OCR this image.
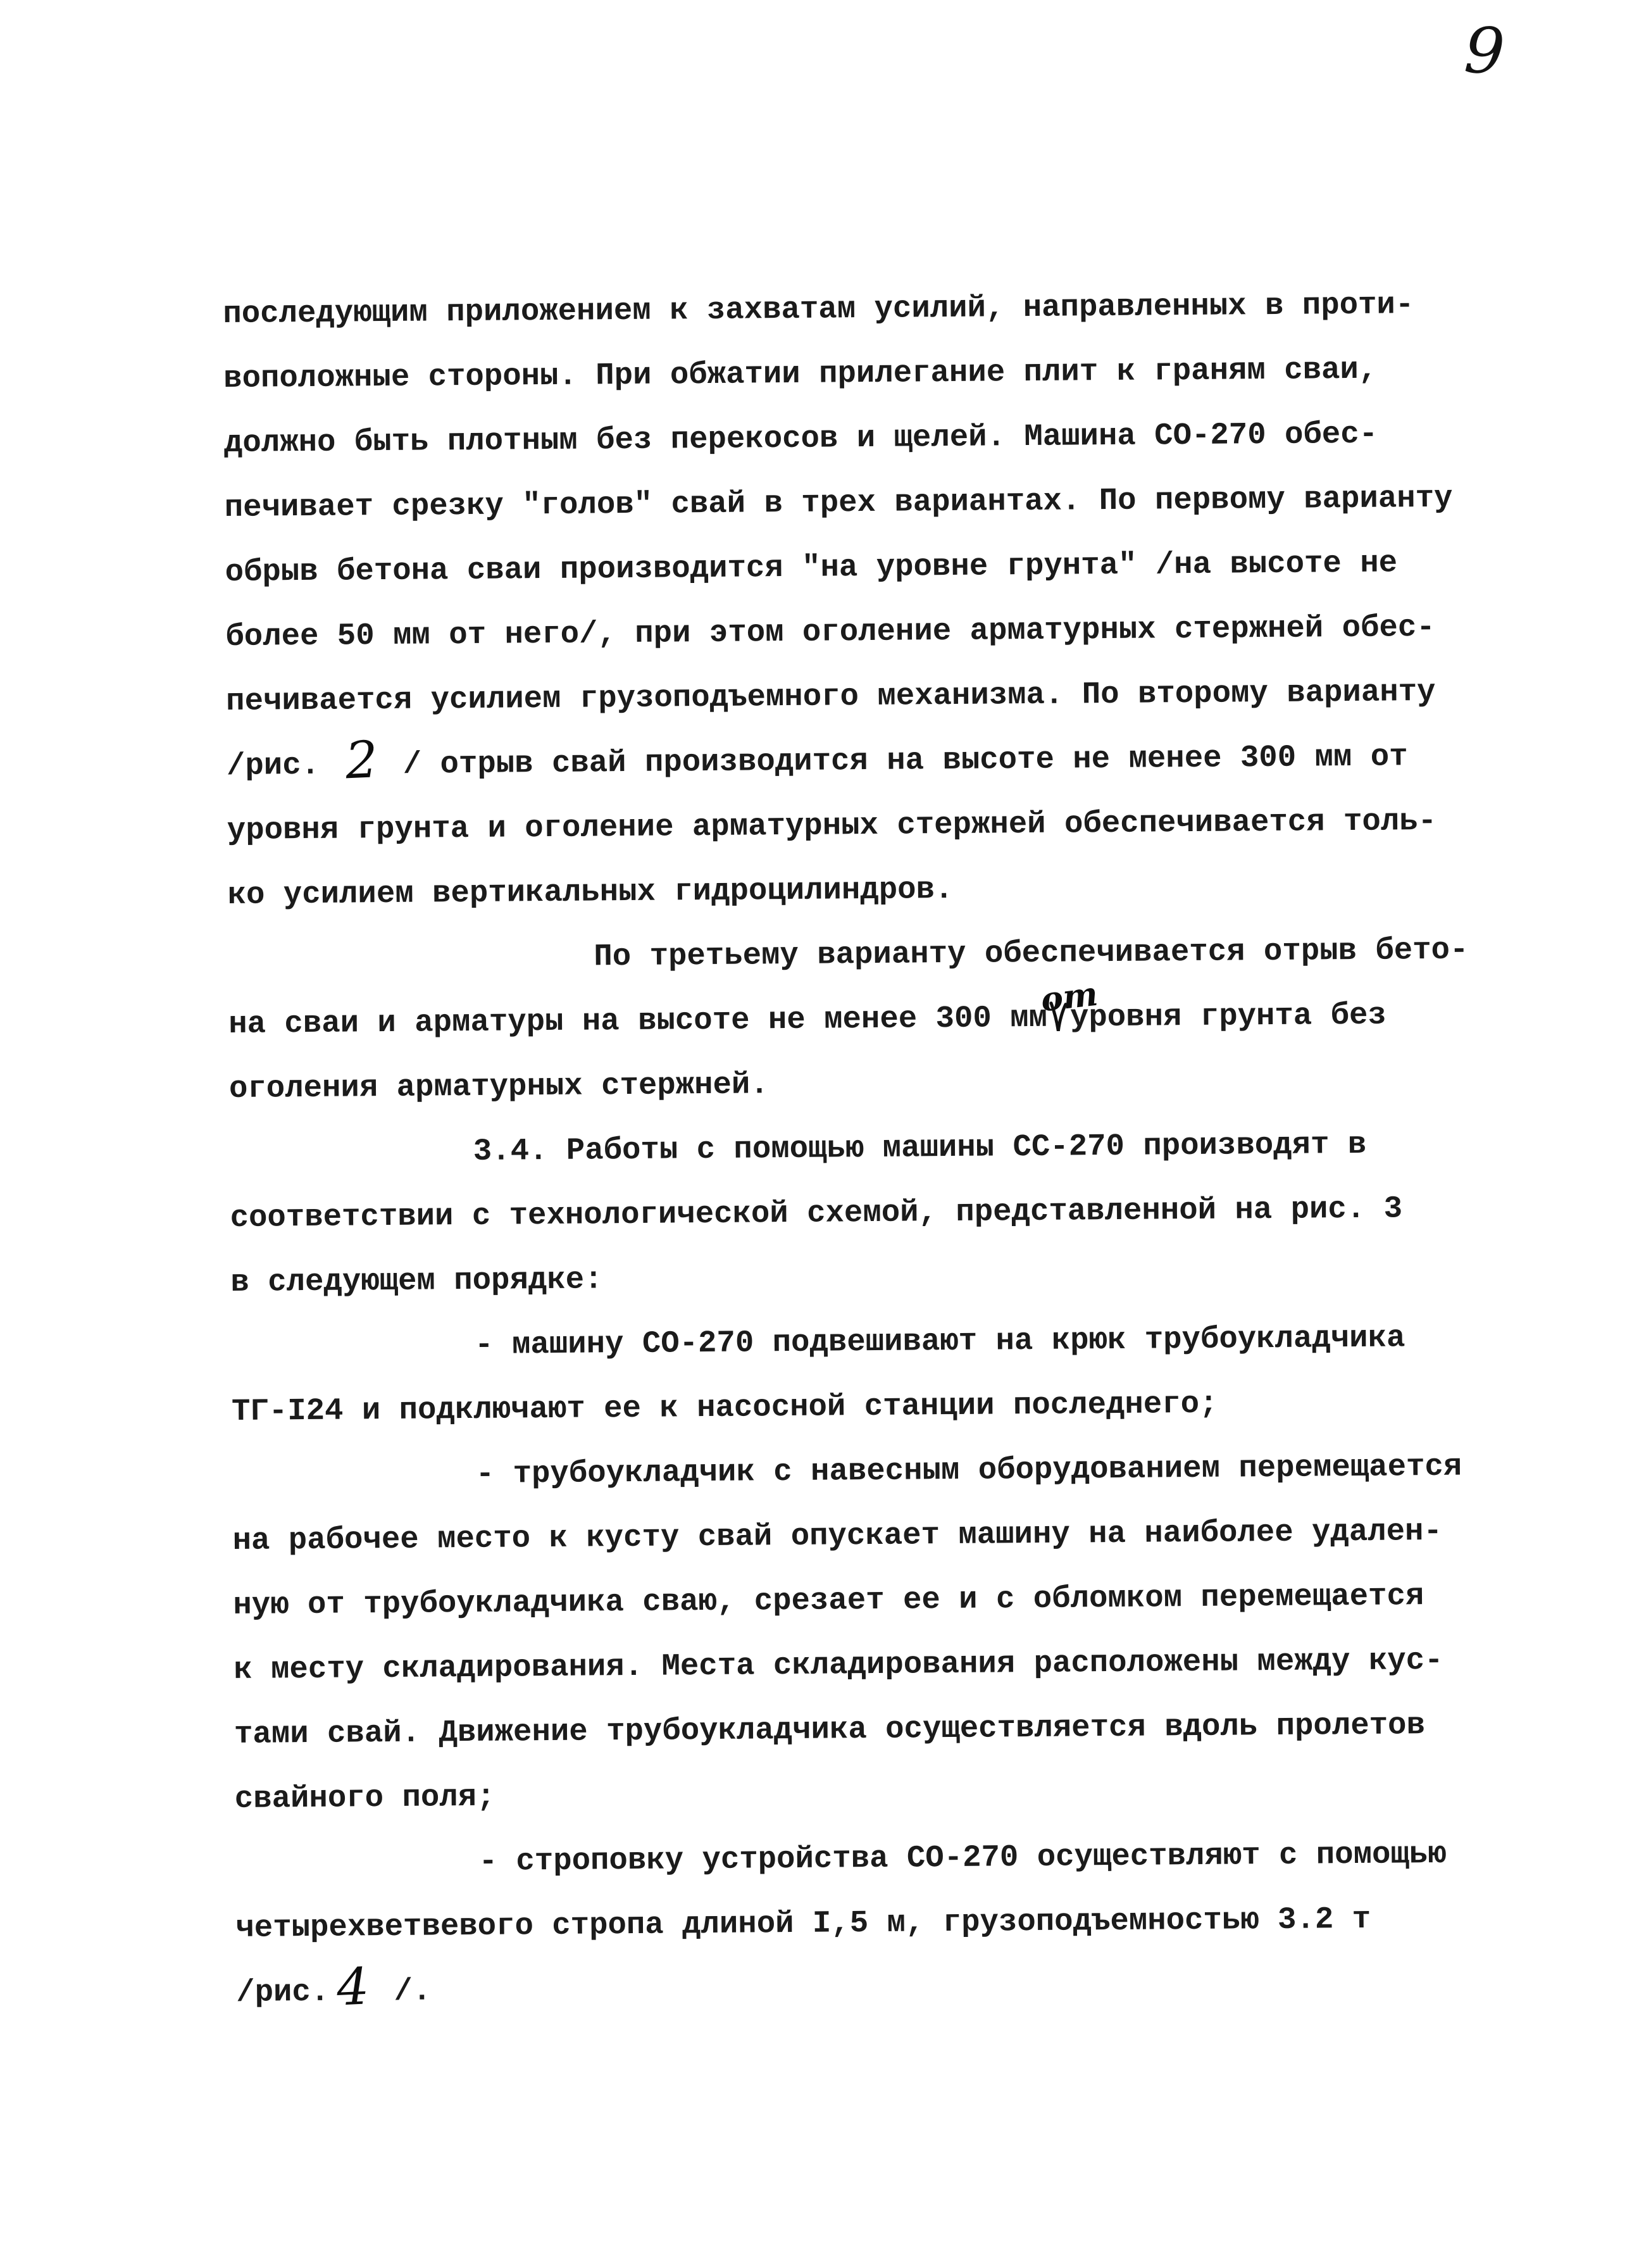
9
последующим приложением к захватам усилий, направленных в проти-
воположные стороны. При обжатии прилегание плит к граням сваи,
должно быть плотным без перекосов и щелей. Машина СО-270 обес-
печивает срезку "голов" свай в трех вариантах. По первому варианту
обрыв бетона сваи производится "на уровне грунта" /на высоте не
более 50 мм от него/, при этом оголение арматурных стержней обес-
печивается усилием грузоподъемного механизма. По второму варианту
/рис. 2 / отрыв свай производится на высоте не менее 300 мм от
уровня грунта и оголение арматурных стержней обеспечивается толь-
ко усилием вертикальных гидроцилиндров.
По третьему варианту обеспечивается отрыв бето-
на сваи и арматуры на высоте не менее 300 мм
от
уровня грунта без
оголения арматурных стержней.
3.4. Работы с помощью машины СС-270 производят в
соответствии с технологической схемой, представленной на рис. 3
в следующем порядке:
- машину СО-270 подвешивают на крюк трубоукладчика
ТГ-I24 и подключают ее к насосной станции последнего;
- трубоукладчик с навесным оборудованием перемещается
на рабочее место к кусту свай опускает машину на наиболее удален-
ную от трубоукладчика сваю, срезает ее и с обломком перемещается
к месту складирования. Места складирования расположены между кус-
тами свай. Движение трубоукладчика осуществляется вдоль пролетов
свайного поля;
- строповку устройства СО-270 осуществляют с помощью
четырехветвевого стропа длиной I,5 м, грузоподъемностью 3.2 т
/рис. 4 /.
